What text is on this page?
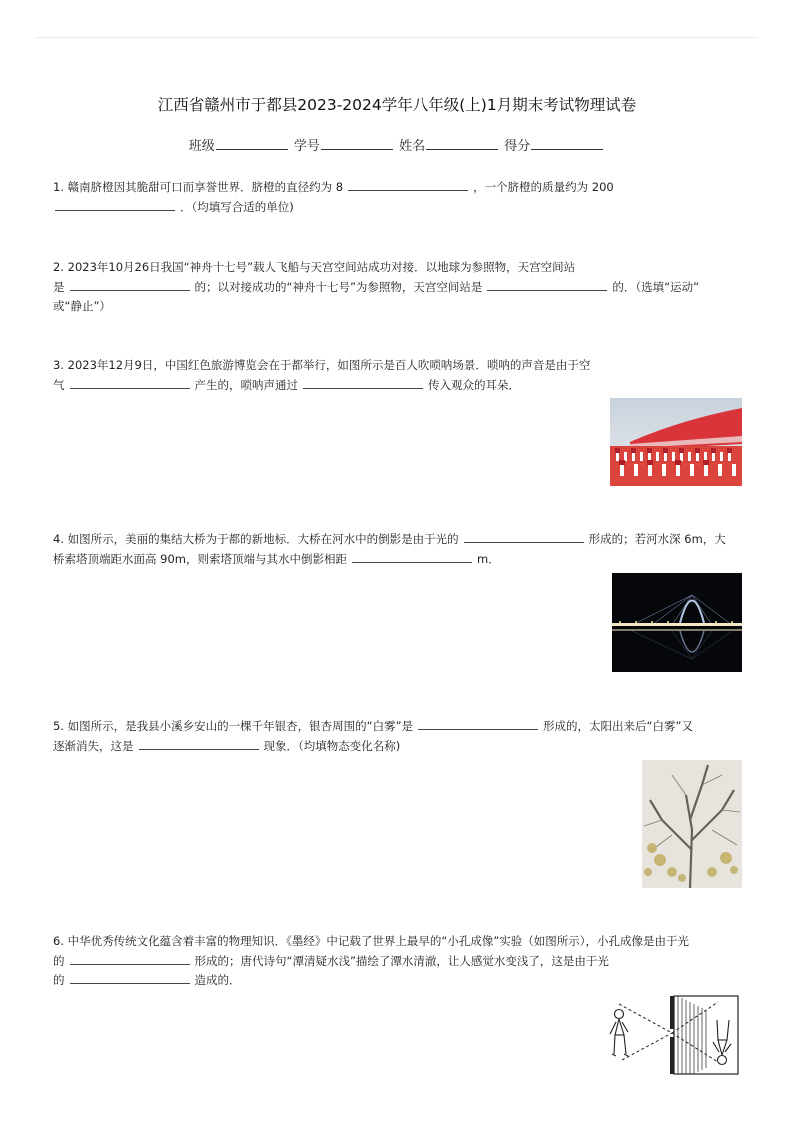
江西省赣州市于都县2023-2024学年八年级(上)1月期末考试物理试卷
班级	学号	姓名	得分
1. 赣南脐橙因其脆甜可口而享誉世界．脐橙的直径约为 8	，一个脐橙的质量约为 200
．（均填写合适的单位)
2. 2023年10月26日我国“神舟十七号”载人飞船与天宫空间站成功对接．以地球为参照物，天宫空间站
是	的；以对接成功的“神舟十七号”为参照物，天宫空间站是	的．（选填“运动”
或“静止”）
3. 2023年12月9日，中国红色旅游博览会在于都举行，如图所示是百人吹唢呐场景．唢呐的声音是由于空
气	产生的，唢呐声通过	传入观众的耳朵．
4. 如图所示，美丽的集结大桥为于都的新地标．大桥在河水中的倒影是由于光的	形成的；若河水深 6m，大
桥索塔顶端距水面高 90m，则索塔顶端与其水中倒影相距	m．
5. 如图所示，是我县小溪乡安山的一棵千年银杏，银杏周围的“白雾”是	形成的，太阳出来后“白雾”又
逐渐消失，这是	现象．（均填物态变化名称)
6. 中华优秀传统文化蕴含着丰富的物理知识．《墨经》中记载了世界上最早的“小孔成像”实验（如图所示），小孔成像是由于光
的	形成的；唐代诗句“潭清疑水浅”描绘了潭水清澈，让人感觉水变浅了，这是由于光
的	造成的．
